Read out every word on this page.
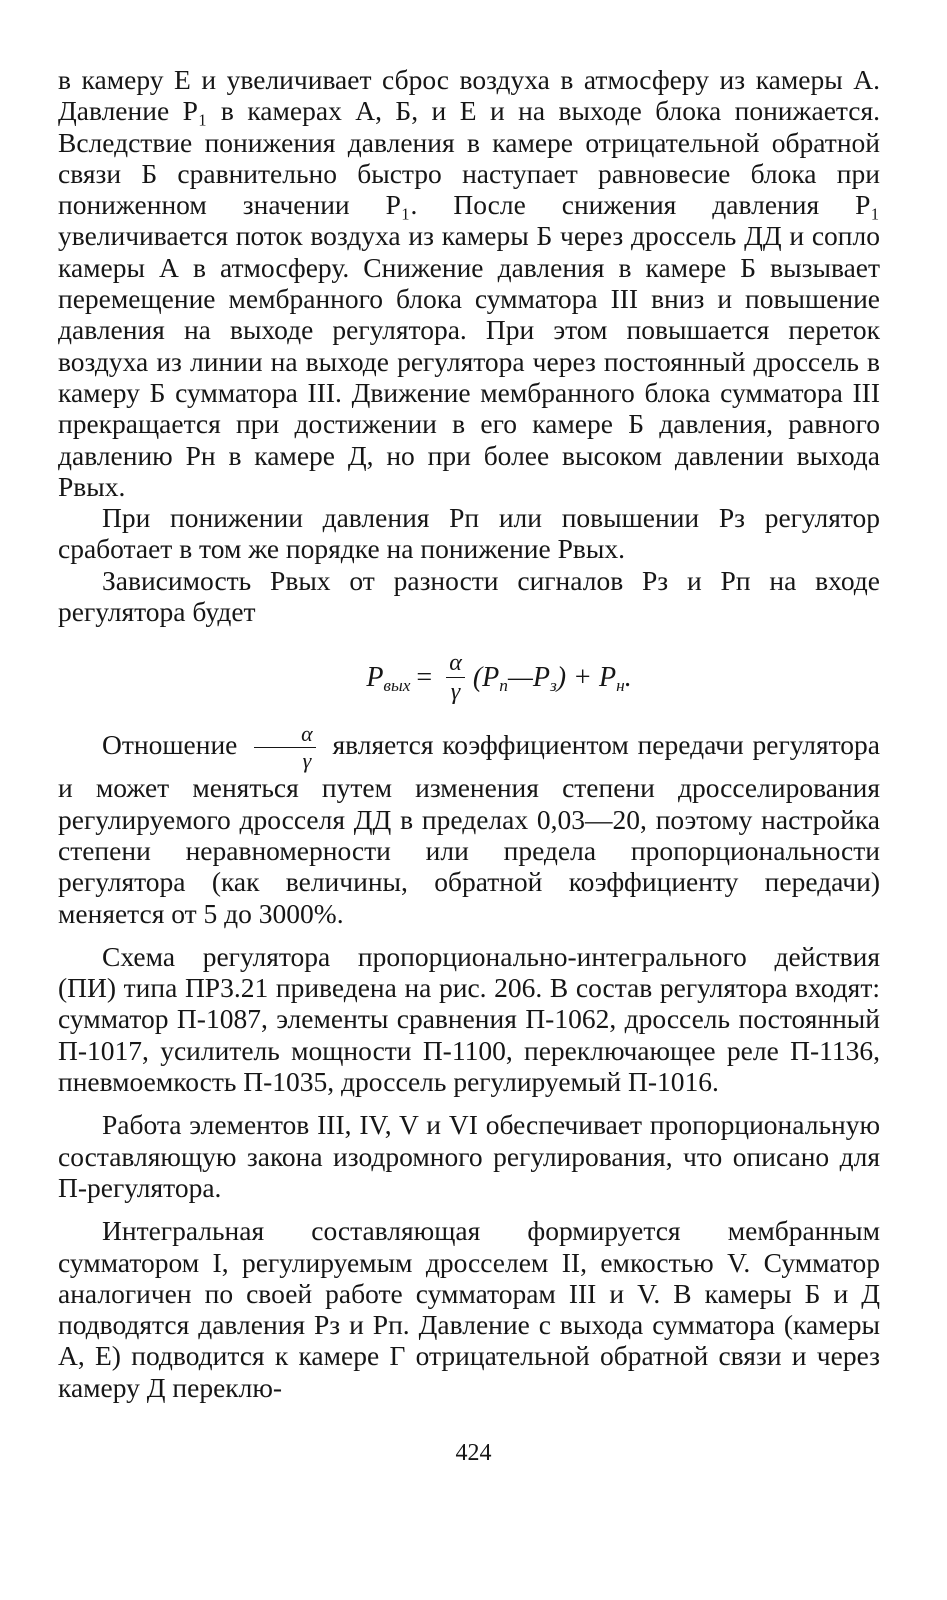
в камеру Е и увеличивает сброс воздуха в атмосферу из камеры А. Давление P₁ в камерах А, Б, и Е и на выходе блока понижается. Вследствие понижения давления в камере отрицательной обратной связи Б сравнительно быстро наступает равновесие блока при пониженном значении P₁. После снижения давления P₁ увеличивается поток воздуха из камеры Б через дроссель ДД и сопло камеры А в атмосферу. Снижение давления в камере Б вызывает перемещение мембранного блока сумматора III вниз и повышение давления на выходе регулятора. При этом повышается переток воздуха из линии на выходе регулятора через постоянный дроссель в камеру Б сумматора III. Движение мембранного блока сумматора III прекращается при достижении в его камере Б давления, равного давлению Pн в камере Д, но при более высоком давлении выхода Pвых.

При понижении давления Pп или повышении Pз регулятор сработает в том же порядке на понижение Pвых.

Зависимость Pвых от разности сигналов Pз и Pп на входе регулятора будет

$P_{вых} = \frac{\alpha}{\gamma}$ $(P_п—P_з) + P_н$.

Отношение $\frac{\alpha}{\gamma}$ является коэффициентом передачи регулятора и может меняться путем изменения степени дросселирования регулируемого дросселя ДД в пределах 0,03—20, поэтому настройка степени неравномерности или предела пропорциональности регулятора (как величины, обратной коэффициенту передачи) меняется от 5 до 3000%.

Схема регулятора пропорционально-интегрального действия (ПИ) типа ПР3.21 приведена на рис. 206. В состав регулятора входят: сумматор П-1087, элементы сравнения П-1062, дроссель постоянный П-1017, усилитель мощности П-1100, переключающее реле П-1136, пневмоемкость П-1035, дроссель регулируемый П-1016.

Работа элементов III, IV, V и VI обеспечивает пропорциональную составляющую закона изодромного регулирования, что описано для П-регулятора.

Интегральная составляющая формируется мембранным сумматором I, регулируемым дросселем II, емкостью V. Сумматор аналогичен по своей работе сумматорам III и V. В камеры Б и Д подводятся давления Pз и Pп. Давление с выхода сумматора (камеры А, Е) подводится к камере Г отрицательной обратной связи и через камеру Д переклю-

424
